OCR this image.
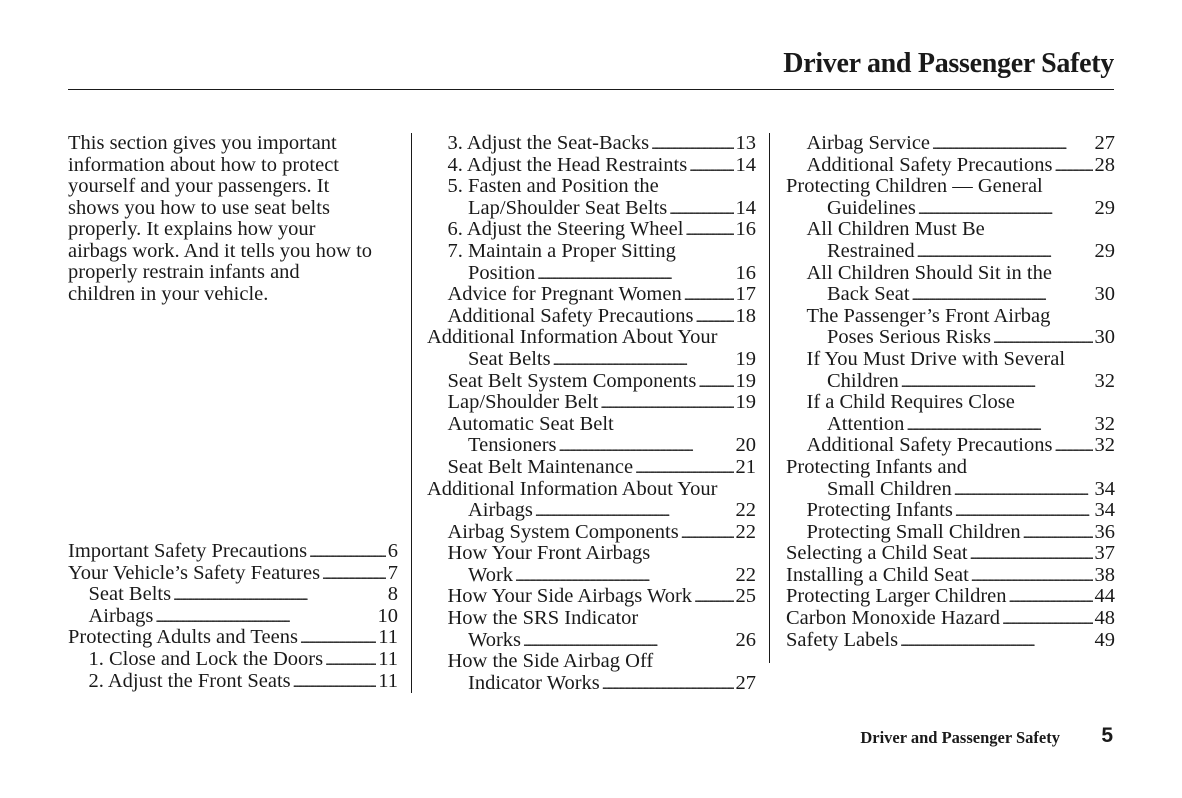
Driver and Passenger Safety
This section gives you important
information about how to protect
yourself and your passengers. It
shows you how to use seat belts
properly. It explains how your
airbags work. And it tells you how to
properly restrain infants and
children in your vehicle.
Important Safety Precautions . . .	6
Your Vehicle’s Safety Features . . .	7
Seat Belts . . .	8
Airbags . . .	10
Protecting Adults and Teens . . .	11
1. Close and Lock the Doors . . .	11
2. Adjust the Front Seats . . .	11
3. Adjust the Seat-Backs . . .	13
4. Adjust the Head Restraints . . . 14
5. Fasten and Position the
Lap/Shoulder Seat Belts . . .	14
6. Adjust the Steering Wheel . . .	16
7. Maintain a Proper Sitting
Position . . .	16
Advice for Pregnant Women . . .	17
Additional Safety Precautions . . . 18
Additional Information About Your
Seat Belts . . .	19
Seat Belt System Components . . . 19
Lap/Shoulder Belt . . .	19
Automatic Seat Belt
Tensioners . . .	20
Seat Belt Maintenance . . .	21
Additional Information About Your
Airbags . . .	22
Airbag System Components . . .	22
How Your Front Airbags
Work . . .	22
How Your Side Airbags Work . . . 25
How the SRS Indicator
Works . . .	26
How the Side Airbag Off
Indicator Works . . .	27
Airbag Service . . .	27
Additional Safety Precautions . . . 28
Protecting Children — General
Guidelines . . .	29
All Children Must Be
Restrained . . .	29
All Children Should Sit in the
Back Seat . . .	30
The Passenger’s Front Airbag
Poses Serious Risks . . .	30
If You Must Drive with Several
Children . . .	32
If a Child Requires Close
Attention . . .	32
Additional Safety Precautions . . . 32
Protecting Infants and
Small Children . . .	34
Protecting Infants . . .	34
Protecting Small Children . . .	36
Selecting a Child Seat . . .	37
Installing a Child Seat . . .	38
Protecting Larger Children . . .	44
Carbon Monoxide Hazard . . .	48
Safety Labels . . .	49
Driver and Passenger Safety 5
